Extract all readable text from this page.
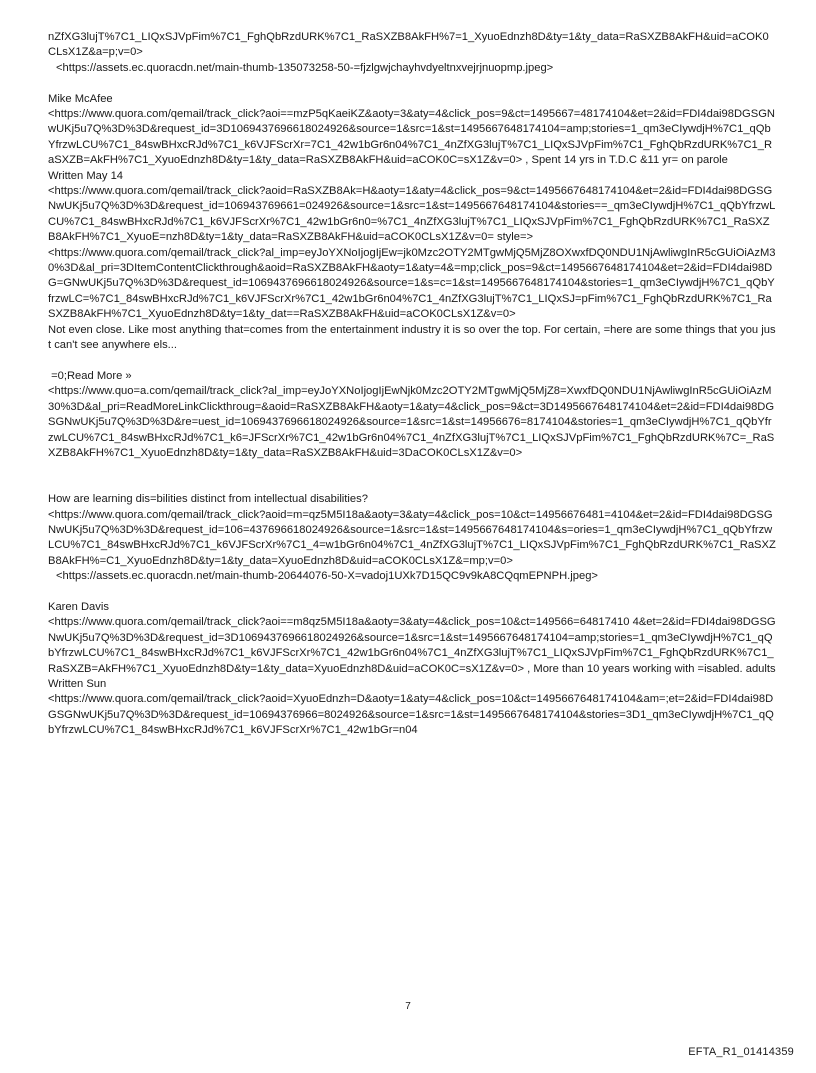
nZfXG3lujT%7C1_LIQxSJVpFim%7C1_FghQbRzdURK%7C1_RaSXZB8AkFH%7=1_XyuoEdnzh8D&ty=1&ty_data=RaSXZB8AkFH&uid=aCOK0CLsX1Z&a=p;v=0>
<https://assets.ec.quoracdn.net/main-thumb-135073258-50-=fjzlgwjchayhvdyeltnxvejrjnuopmp.jpeg>
Mike McAfee
<https://www.quora.com/qemail/track_click?aoi==mzP5qKaeiKZ&aoty=3&aty=4&click_pos=9&ct=1495667=48174104&et=2&id=FDI4dai98DGSGNwUKj5u7Q%3D%3D&request_id=3D1069437696618024926&source=1&src=1&st=1495667648174104=amp;stories=1_qm3eCIywdjH%7C1_qQbYfrzwLCU%7C1_84swBHxcRJd%7C1_k6VJFScrXr=7C1_42w1bGr6n04%7C1_4nZfXG3lujT%7C1_LIQxSJVpFim%7C1_FghQbRzdURK%7C1_RaSXZB=AkFH%7C1_XyuoEdnzh8D&ty=1&ty_data=RaSXZB8AkFH&uid=aCOK0C=sX1Z&v=0> , Spent 14 yrs in T.D.C &11 yr= on parole
Written May 14
<https://www.quora.com/qemail/track_click?aoid=RaSXZB8Ak=H&aoty=1&aty=4&click_pos=9&ct=1495667648174104&et=2&id=FDI4dai98DGSGNwUKj5u7Q%3D%3D&request_id=106943769661=024926&source=1&src=1&st=1495667648174104&stories==_qm3eCIywdjH%7C1_qQbYfrzwLCU%7C1_84swBHxcRJd%7C1_k6VJFScrXr%7C1_42w1bGr6n0=%7C1_4nZfXG3lujT%7C1_LIQxSJVpFim%7C1_FghQbRzdURK%7C1_RaSXZB8AkFH%7C1_XyuoE=nzh8D&ty=1&ty_data=RaSXZB8AkFH&uid=aCOK0CLsX1Z&v=0= style=>
<https://www.quora.com/qemail/track_click?al_imp=eyJoYXNoIjogIjEw=jk0Mzc2OTY2MTgwMjQ5MjZ8OXwxfDQ0NDU1NjAwliwgInR5cGUiOiAzM30%3D&al_pri=3DItemContentClickthrough&aoid=RaSXZB8AkFH&aoty=1&aty=4&=mp;click_pos=9&ct=1495667648174104&et=2&id=FDI4dai98DG=GNwUKj5u7Q%3D%3D&request_id=1069437696618024926&source=1&s=c=1&st=1495667648174104&stories=1_qm3eCIywdjH%7C1_qQbYfrzwLC=%7C1_84swBHxcRJd%7C1_k6VJFScrXr%7C1_42w1bGr6n04%7C1_4nZfXG3lujT%7C1_LIQxSJ=pFim%7C1_FghQbRzdURK%7C1_RaSXZB8AkFH%7C1_XyuoEdnzh8D&ty=1&ty_dat==RaSXZB8AkFH&uid=aCOK0CLsX1Z&v=0>
Not even close. Like most anything that=comes from the entertainment industry it is so over the top. For certain, =here are some things that you just can't see anywhere els...
=0;Read More »
<https://www.quo=a.com/qemail/track_click?al_imp=eyJoYXNoIjogIjEwNjk0Mzc2OTY2MTgwMjQ5MjZ8=XwxfDQ0NDU1NjAwliwgInR5cGUiOiAzM30%3D&al_pri=ReadMoreLinkClickthroug=&aoid=RaSXZB8AkFH&aoty=1&aty=4&click_pos=9&ct=3D1495667648174104&et=2&id=FDI4dai98DGSGNwUKj5u7Q%3D%3D&re=uest_id=1069437696618024926&source=1&src=1&st=14956676=8174104&stories=1_qm3eCIywdjH%7C1_qQbYfrzwLCU%7C1_84swBHxcRJd%7C1_k6=JFScrXr%7C1_42w1bGr6n04%7C1_4nZfXG3lujT%7C1_LIQxSJVpFim%7C1_FghQbRzdURK%7C=_RaSXZB8AkFH%7C1_XyuoEdnzh8D&ty=1&ty_data=RaSXZB8AkFH&uid=3DaCOK0CLsX1Z&v=0>
How are learning dis=bilities distinct from intellectual disabilities?
<https://www.quora.com/qemail/track_click?aoid=m=qz5M5I18a&aoty=3&aty=4&click_pos=10&ct=14956676481=4104&et=2&id=FDI4dai98DGSGNwUKj5u7Q%3D%3D&request_id=106=437696618024926&source=1&src=1&st=1495667648174104&s=ories=1_qm3eCIywdjH%7C1_qQbYfrzwLCU%7C1_84swBHxcRJd%7C1_k6VJFScrXr%7C1_4=w1bGr6n04%7C1_4nZfXG3lujT%7C1_LIQxSJVpFim%7C1_FghQbRzdURK%7C1_RaSXZB8AkFH%=C1_XyuoEdnzh8D&ty=1&ty_data=XyuoEdnzh8D&uid=aCOK0CLsX1Z&=mp;v=0>
<https://assets.ec.quoracdn.net/main-thumb-20644076-50-X=vadoj1UXk7D15QC9v9kA8CQqmEPNPH.jpeg>
Karen Davis
<https://www.quora.com/qemail/track_click?aoi==m8qz5M5I18a&aoty=3&aty=4&click_pos=10&ct=149566=64817410 4&et=2&id=FDI4dai98DGSGNwUKj5u7Q%3D%3D&request_id=3D1069437696618024926&source=1&src=1&st=1495667648174104=amp;stories=1_qm3eCIywdjH%7C1_qQbYfrzwLCU%7C1_84swBHxcRJd%7C1_k6VJFScrXr%7C1_42w1bGr6n04%7C1_4nZfXG3lujT%7C1_LIQxSJVpFim%7C1_FghQbRzdURK%7C1_RaSXZB=AkFH%7C1_XyuoEdnzh8D&ty=1&ty_data=XyuoEdnzh8D&uid=aCOK0C=sX1Z&v=0> , More than 10 years working with =isabled. adults
Written Sun
<https://www.quora.com/qemail/track_click?aoid=XyuoEdnzh=D&aoty=1&aty=4&click_pos=10&ct=1495667648174104&am=;et=2&id=FDI4dai98DGSGNwUKj5u7Q%3D%3D&request_id=10694376966=8024926&source=1&src=1&st=1495667648174104&stories=3D1_qm3eCIywdjH%7C1_qQbYfrzwLCU%7C1_84swBHxcRJd%7C1_k6VJFScrXr%7C1_42w1bGr=n04
7
EFTA_R1_01414359
